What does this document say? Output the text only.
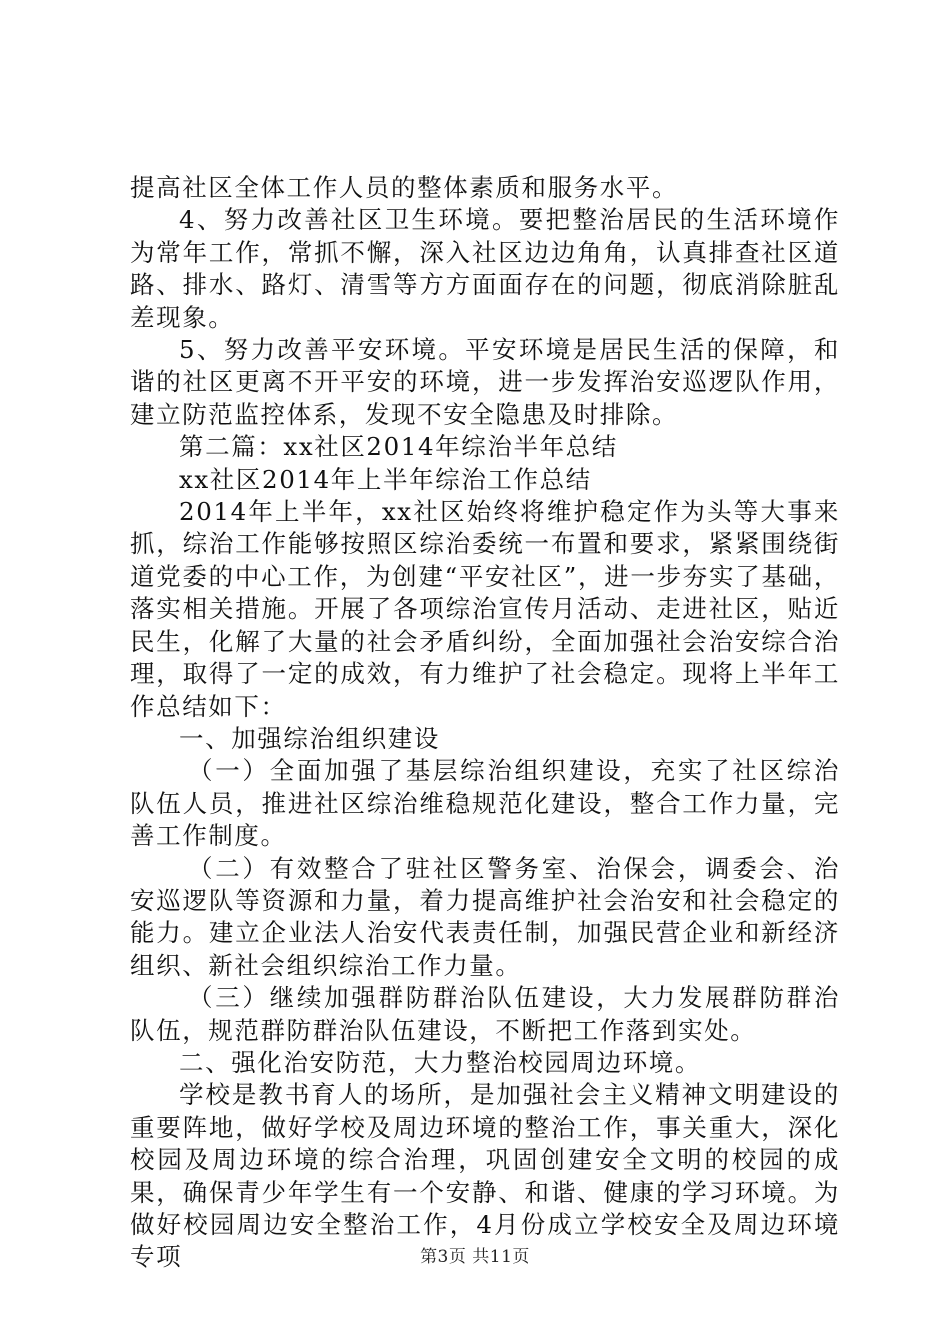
提高社区全体工作人员的整体素质和服务水平。

4、努力改善社区卫生环境。要把整治居民的生活环境作为常年工作，常抓不懈，深入社区边边角角，认真排查社区道路、排水、路灯、清雪等方方面面存在的问题，彻底消除脏乱差现象。

5、努力改善平安环境。平安环境是居民生活的保障，和谐的社区更离不开平安的环境，进一步发挥治安巡逻队作用，建立防范监控体系，发现不安全隐患及时排除。

第二篇：xx社区2014年综治半年总结

xx社区2014年上半年综治工作总结

2014年上半年，xx社区始终将维护稳定作为头等大事来抓，综治工作能够按照区综治委统一布置和要求，紧紧围绕街道党委的中心工作，为创建“平安社区”，进一步夯实了基础，落实相关措施。开展了各项综治宣传月活动、走进社区，贴近民生，化解了大量的社会矛盾纠纷，全面加强社会治安综合治理，取得了一定的成效，有力维护了社会稳定。现将上半年工作总结如下：

一、加强综治组织建设

（一）全面加强了基层综治组织建设，充实了社区综治队伍人员，推进社区综治维稳规范化建设，整合工作力量，完善工作制度。

（二）有效整合了驻社区警务室、治保会，调委会、治安巡逻队等资源和力量，着力提高维护社会治安和社会稳定的能力。建立企业法人治安代表责任制，加强民营企业和新经济组织、新社会组织综治工作力量。

（三）继续加强群防群治队伍建设，大力发展群防群治队伍，规范群防群治队伍建设，不断把工作落到实处。

二、强化治安防范，大力整治校园周边环境。

学校是教书育人的场所，是加强社会主义精神文明建设的重要阵地，做好学校及周边环境的整治工作，事关重大，深化校园及周边环境的综合治理，巩固创建安全文明的校园的成果，确保青少年学生有一个安静、和谐、健康的学习环境。为做好校园周边安全整治工作，4月份成立学校安全及周边环境专项	第3页 共11页
